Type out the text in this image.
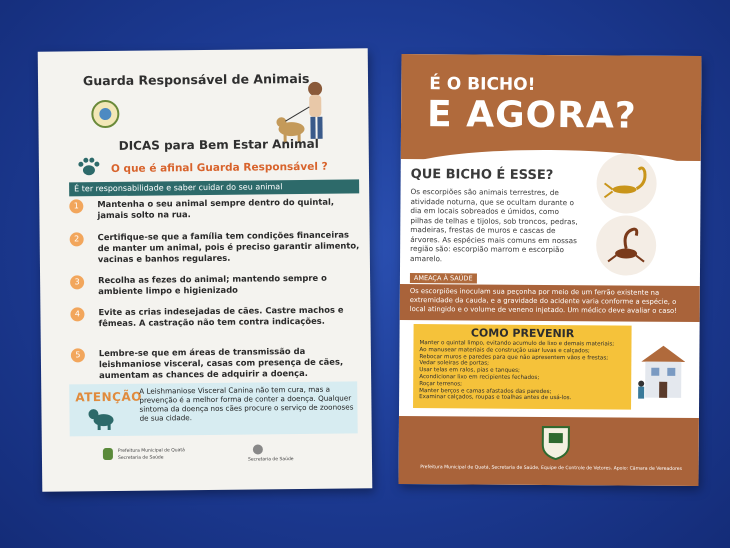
Guarda Responsável de Animais
DICAS para Bem Estar Animal
O que é afinal Guarda Responsável ?
É ter responsabilidade e saber cuidar do seu animal
1	Mantenha o seu animal sempre dentro do quintal, jamais solto na rua.
2	Certifique-se que a família tem condições financeiras de manter um animal, pois é preciso garantir alimento, vacinas e banhos regulares.
3	Recolha as fezes do animal; mantendo sempre o ambiente limpo e higienizado
4	Evite as crias indesejadas de cães. Castre machos e fêmeas. A castração não tem contra indicações.
5	Lembre-se que em áreas de transmissão da leishmaniose visceral, casas com presença de cães, aumentam as chances de adquirir a doença.
ATENÇÃO
A Leishmaniose Visceral Canina não tem cura, mas a prevenção é a melhor forma de conter a doença. Qualquer sintoma da doença nos cães procure o serviço de zoonoses de sua cidade.
Prefeitura Municipal de Quatá
Secretaria de Saúde	Secretaria de Saúde
É O BICHO!
E AGORA?
QUE BICHO É ESSE?
Os escorpiões são animais terrestres, de atividade noturna, que se ocultam durante o dia em locais sobreados e úmidos, como pilhas de telhas e tijolos, sob troncos, pedras, madeiras, frestas de muros e cascas de árvores. As espécies mais comuns em nossas região são: escorpião marrom e escorpião amarelo.
AMEAÇA À SAÚDE
Os escorpiões inoculam sua peçonha por meio de um ferrão existente na extremidade da cauda, e a gravidade do acidente varia conforme a espécie, o local atingido e o volume de veneno injetado. Um médico deve avaliar o caso!
COMO PREVENIR
Manter o quintal limpo, evitando acumulo de lixo e demais materiais;
Ao manusear materiais de construção usar luvas e calçados;
Rebocar muros e paredes para que não apresentem vãos e frestas;
Vedar soleiras de portas;
Usar telas em ralos, pias e tanques;
Acondicionar lixo em recipientes fechados;
Roçar terrenos;
Manter berços e camas afastados das paredes;
Examinar calçados, roupas e toalhas antes de usá-los.
Prefeitura Municipal de Quatá, Secretaria de Saúde, Equipe de Controle de Vetores. Apoio: Câmara de Vereadores
